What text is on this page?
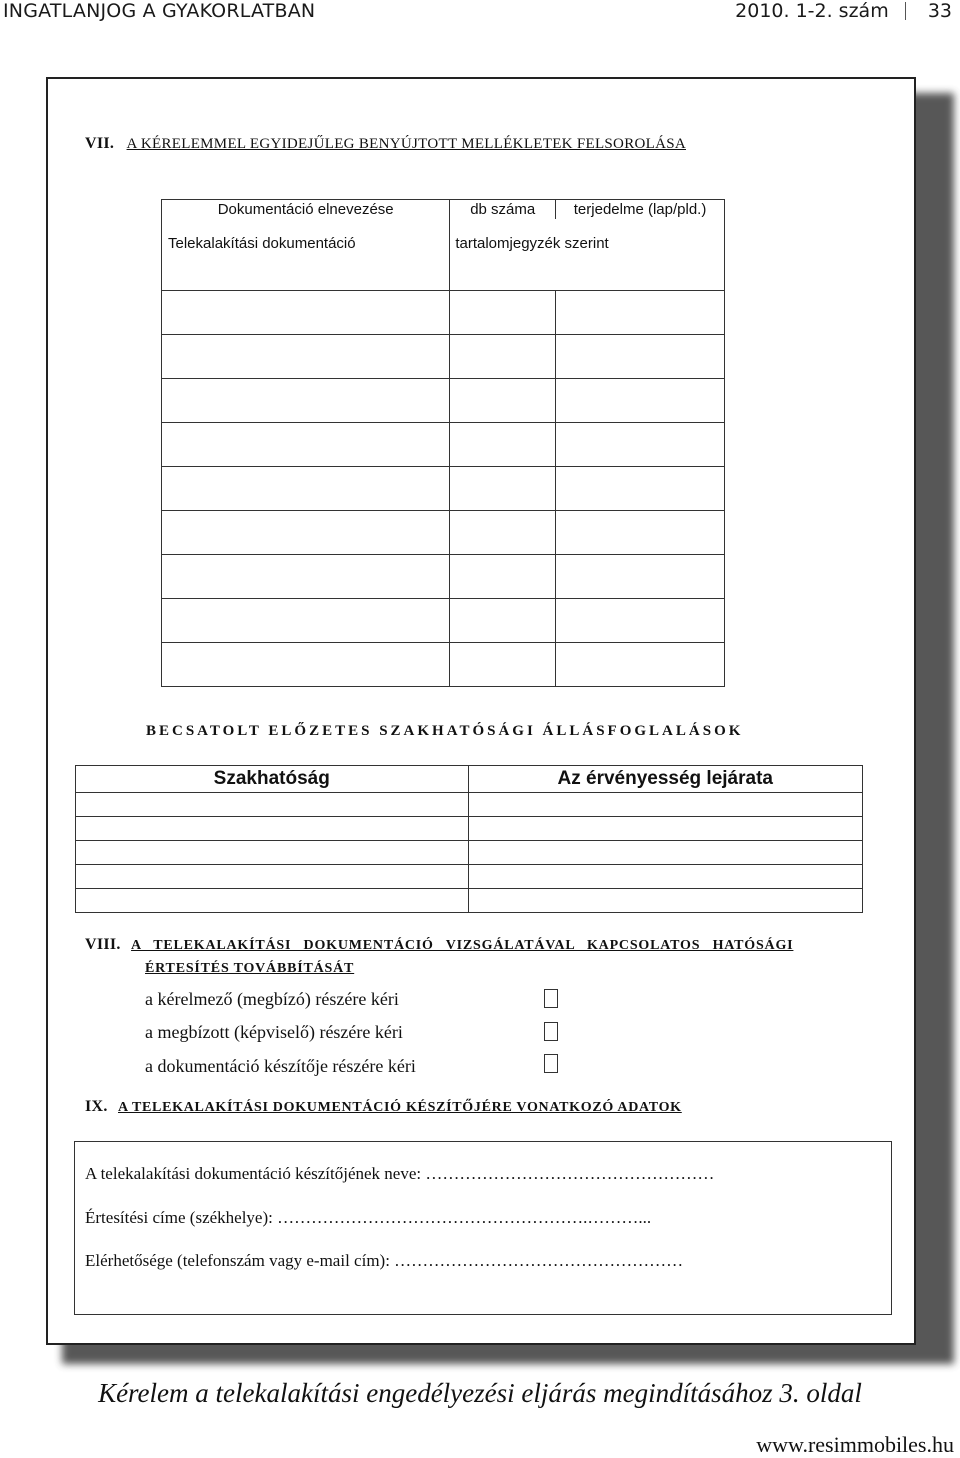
INGATLANJOG A GYAKORLATBAN	2010. 1-2. szám 33
VII. A KÉRELEMMEL EGYIDEJŰLEG BENYÚJTOTT MELLÉKLETEK FELSOROLÁSA
Dokumentáció elnevezése	db száma	terjedelme (lap/pld.)
Telekalakítási dokumentáció	tartalomjegyzék szerint	

BECSATOLT ELŐZETES SZAKHATÓSÁGI ÁLLÁSFOGLALÁSOK
Szakhatóság	Az érvényesség lejárata

VIII. A TELEKALAKÍTÁSI DOKUMENTÁCIÓ VIZSGÁLATÁVAL KAPCSOLATOS HATÓSÁGI
ÉRTESÍTÉS TOVÁBBÍTÁSÁT
a kérelmező (megbízó) részére kéri
a megbízott (képviselő) részére kéri
a dokumentáció készítője részére kéri
IX. A TELEKALAKÍTÁSI DOKUMENTÁCIÓ KÉSZÍTŐJÉRE VONATKOZÓ ADATOK
A telekalakítási dokumentáció készítőjének neve: ……………………………………………
Értesítési címe (székhelye): ……………………………………………….………...
Elérhetősége (telefonszám vagy e-mail cím): ……………………………………………
Kérelem a telekalakítási engedélyezési eljárás megindításához 3. oldal
www.resimmobiles.hu
